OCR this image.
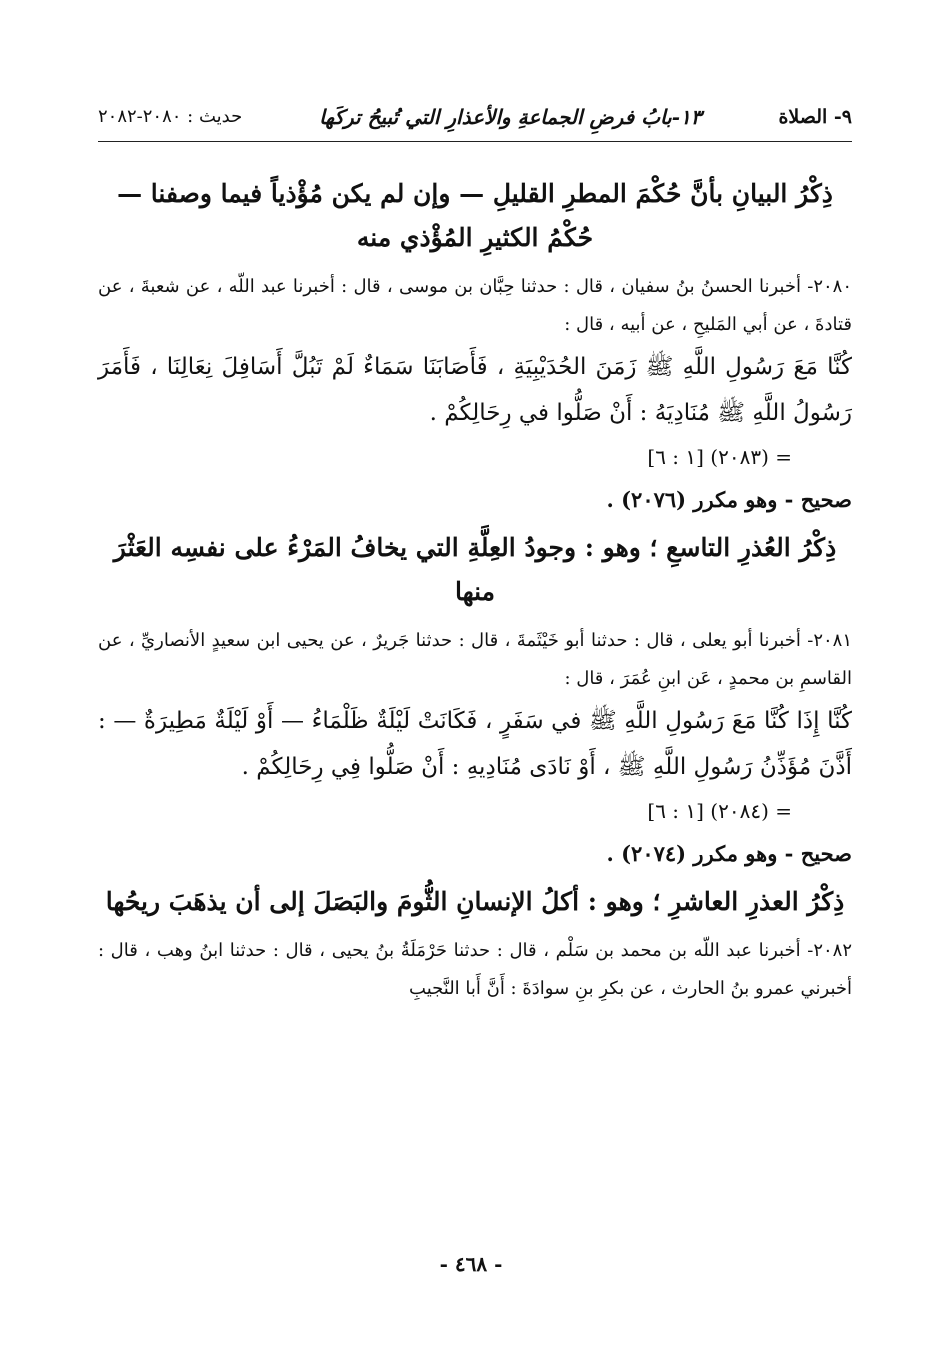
٩- الصلاة
١٣-بابُ فرضِ الجماعةِ والأعذارِ التي تُبيحُ تركَها
حديث : ٢٠٨٠-٢٠٨٢

ذِكْرُ البيانِ بأنَّ حُكْمَ المطرِ القليلِ — وإن لم يكن مُؤْذياً فيما وصفنا — حُكْمُ الكثيرِ المُؤْذي منه

٢٠٨٠- أخبرنا الحسنُ بنُ سفيان ، قال : حدثنا حِبَّان بن موسى ، قال : أخبرنا عبد اللّه ، عن شعبةَ ، عن قتادةَ ، عن أبي المَليحِ ، عن أبيه ، قال :

كُنَّا مَعَ رَسُولِ اللَّهِ ﷺ زَمَنَ الحُدَيْبِيَةِ ، فَأَصَابَنَا سَمَاءٌ لَمْ تَبُلَّ أَسَافِلَ نِعَالِنَا ، فَأَمَرَ رَسُولُ اللَّهِ ﷺ مُنَادِيَهُ : أَنْ صَلُّوا في رِحَالِكُمْ .

= (٢٠٨٣) [١ : ٦]

صحيح - وهو مكرر (٢٠٧٦) .

ذِكْرُ العُذرِ التاسعِ ؛ وهو : وجودُ العِلَّةِ التي يخافُ المَرْءُ على نفسِه العَثْرَ منها

٢٠٨١- أخبرنا أبو يعلى ، قال : حدثنا أبو خَيْثَمةَ ، قال : حدثنا جَريرٌ ، عن يحيى ابن سعيدٍ الأنصاريِّ ، عن القاسمِ بن محمدٍ ، عَن ابنِ عُمَرَ ، قال :

كُنَّا إِذَا كُنَّا مَعَ رَسُولِ اللَّهِ ﷺ في سَفَرٍ ، فَكَانَتْ لَيْلَةٌ ظَلْمَاءُ — أَوْ لَيْلَةٌ مَطِيرَةٌ — : أَذَّنَ مُؤَذِّنُ رَسُولِ اللَّهِ ﷺ ، أَوْ نَادَى مُنَادِيهِ : أَنْ صَلُّوا فِي رِحَالِكُمْ .

= (٢٠٨٤) [١ : ٦]

صحيح - وهو مكرر (٢٠٧٤) .

ذِكْرُ العذرِ العاشرِ ؛ وهو : أكلُ الإنسانِ الثُّومَ والبَصَلَ إلى أن يذهَبَ ريحُها

٢٠٨٢- أخبرنا عبد اللّه بن محمد بن سَلْم ، قال : حدثنا حَرْمَلَةُ بنُ يحيى ، قال : حدثنا ابنُ وهب ، قال : أخبرني عمرو بنُ الحارث ، عن بكرِ بنِ سوادَةَ : أَنَّ أَبا النَّجيبِ

- ٤٦٨ -
